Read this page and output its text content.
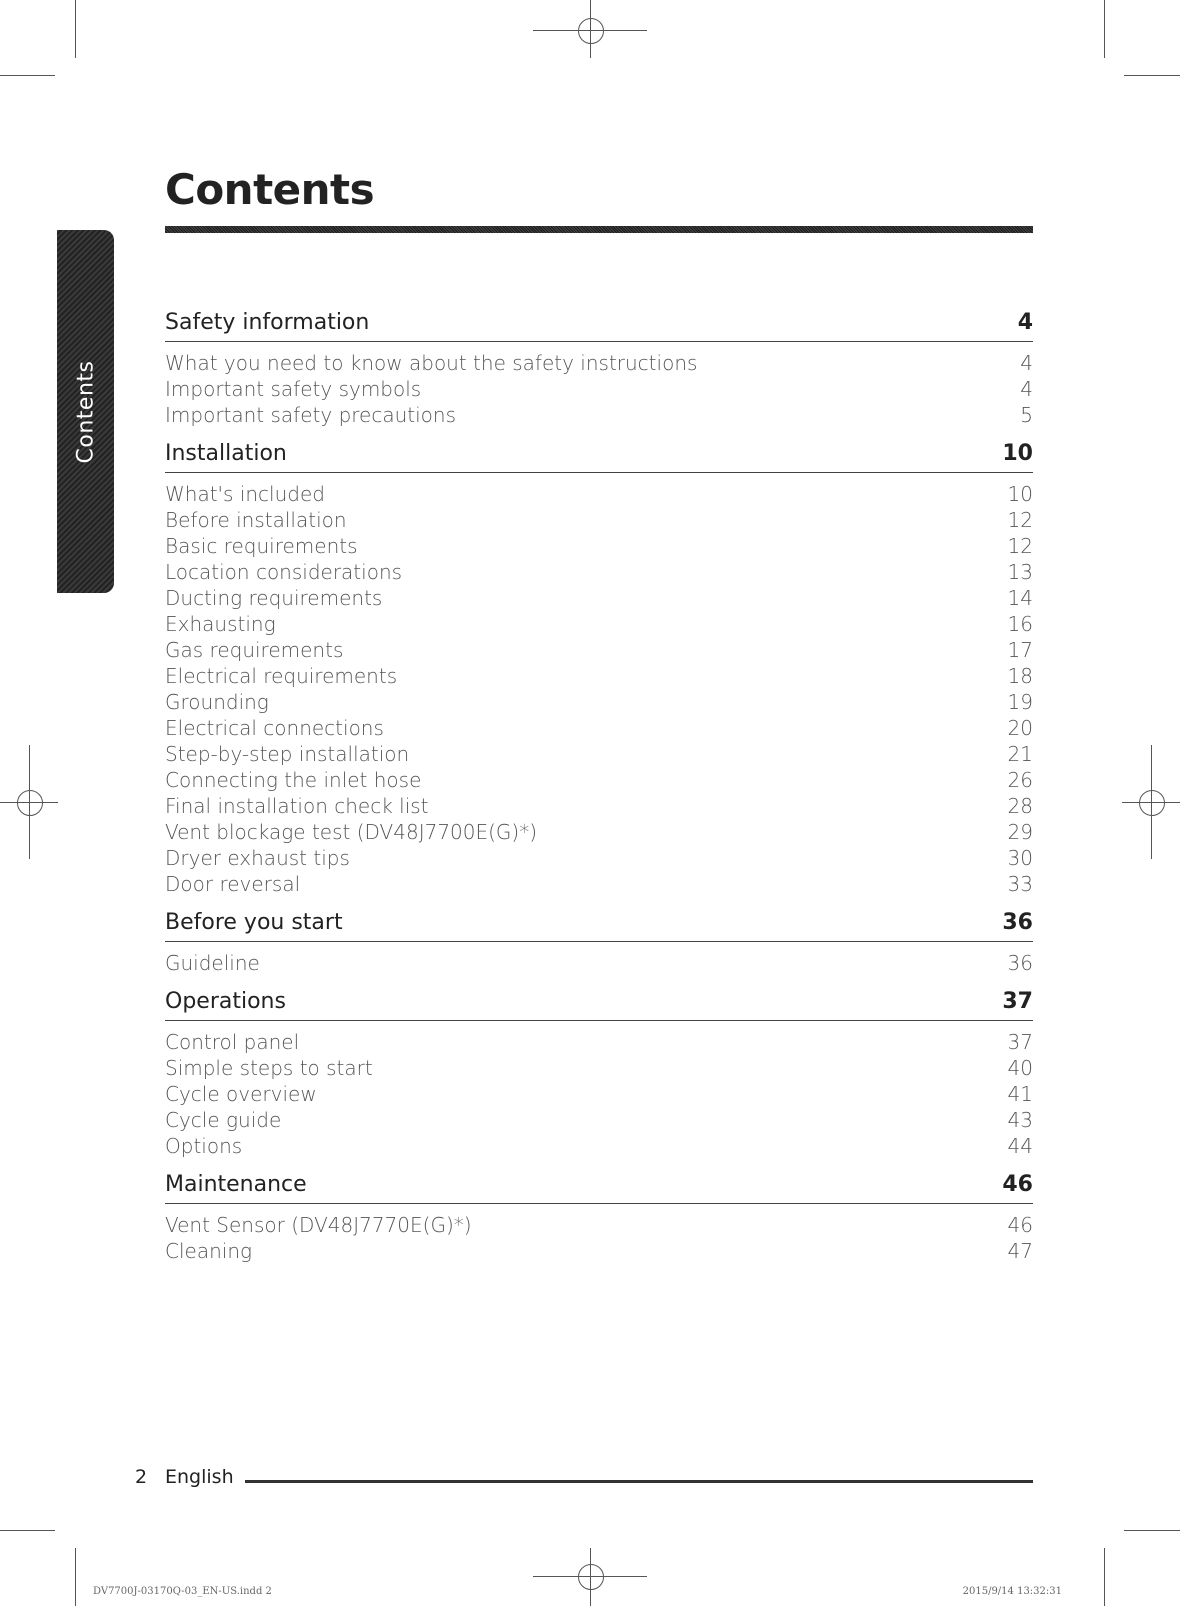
Contents
Contents
Safety information	4
What you need to know about the safety instructions	4
Important safety symbols	4
Important safety precautions	5
Installation	10
What's included	10
Before installation	12
Basic requirements	12
Location considerations	13
Ducting requirements	14
Exhausting	16
Gas requirements	17
Electrical requirements	18
Grounding	19
Electrical connections	20
Step-by-step installation	21
Connecting the inlet hose	26
Final installation check list	28
Vent blockage test (DV48J7700E(G)*)	29
Dryer exhaust tips	30
Door reversal	33
Before you start	36
Guideline	36
Operations	37
Control panel	37
Simple steps to start	40
Cycle overview	41
Cycle guide	43
Options	44
Maintenance	46
Vent Sensor (DV48J7770E(G)*)	46
Cleaning	47
2 English
DV7700J-03170Q-03_EN-US.indd 2	2015/9/14 13:32:31
